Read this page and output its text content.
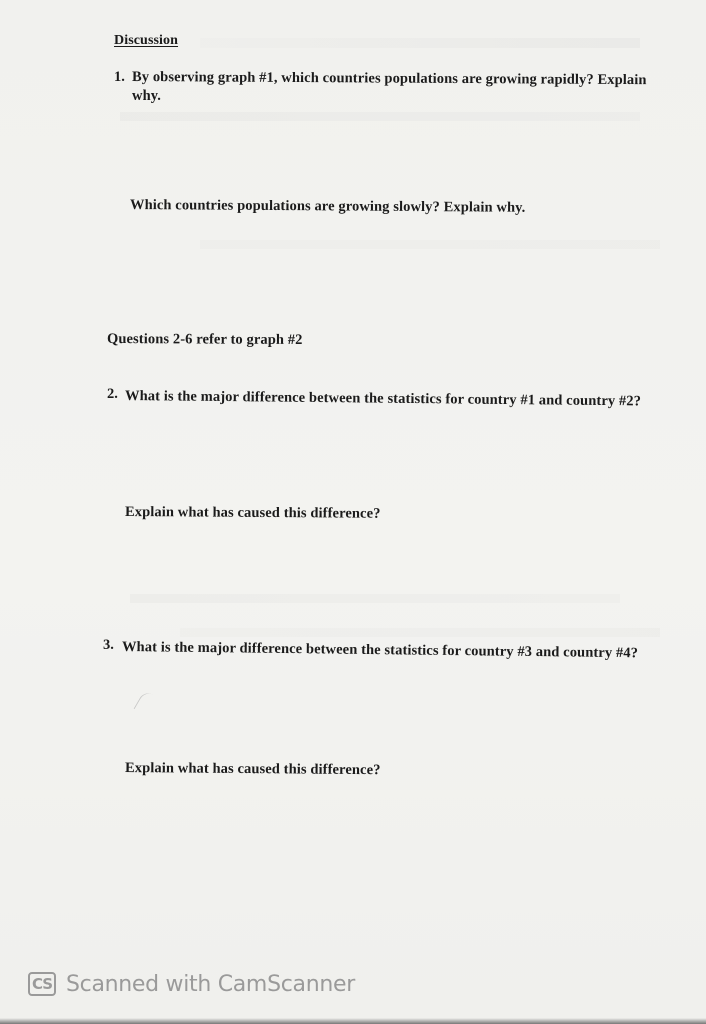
Discussion
1. By observing graph #1, which countries populations are growing rapidly? Explain
why.
Which countries populations are growing slowly? Explain why.
Questions 2-6 refer to graph #2
2. What is the major difference between the statistics for country #1 and country #2?
Explain what has caused this difference?
3. What is the major difference between the statistics for country #3 and country #4?
Explain what has caused this difference?
CS Scanned with CamScanner
